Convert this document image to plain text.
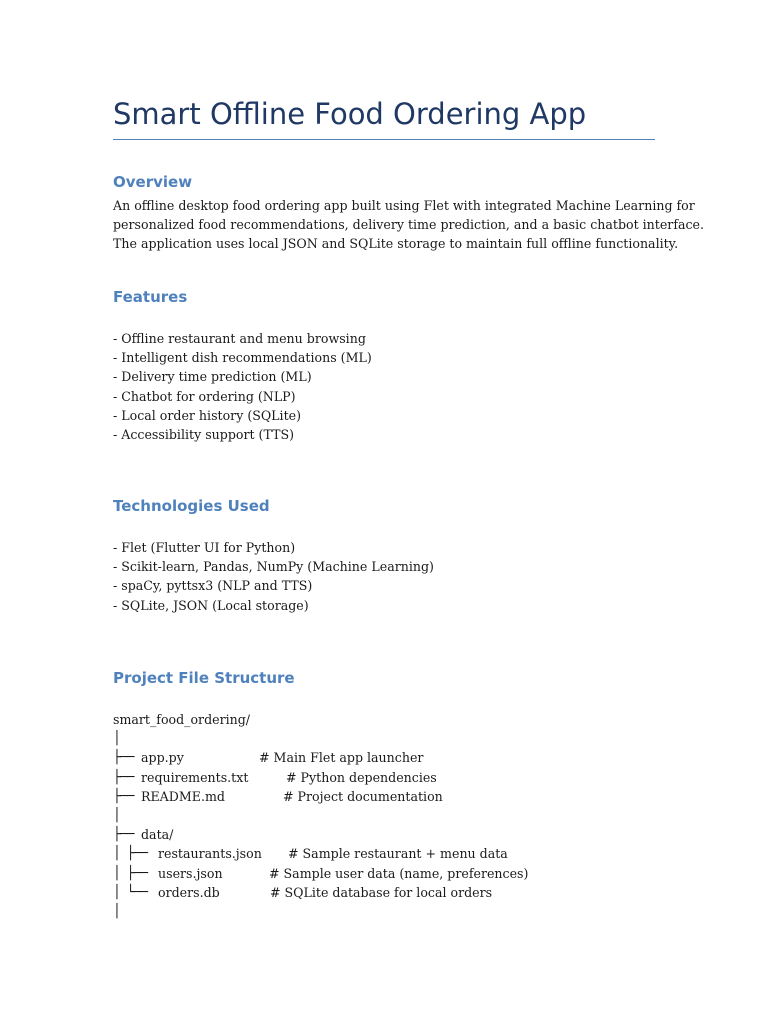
Smart Offline Food Ordering App
Overview

An offline desktop food ordering app built using Flet with integrated Machine Learning for
personalized food recommendations, delivery time prediction, and a basic chatbot interface.
The application uses local JSON and SQLite storage to maintain full offline functionality.

Features
- Offline restaurant and menu browsing
- Intelligent dish recommendations (ML)
- Delivery time prediction (ML)
- Chatbot for ordering (NLP)
- Local order history (SQLite)
- Accessibility support (TTS)
Technologies Used
- Flet (Flutter UI for Python)
- Scikit-learn, Pandas, NumPy (Machine Learning)
- spaCy, pyttsx3 (NLP and TTS)
- SQLite, JSON (Local storage)
Project File Structure
smart_food_ordering/
│
├── app.py	# Main Flet app launcher
├── requirements.txt	# Python dependencies
├── README.md	# Project documentation
│
├── data/
│ ├── restaurants.json # Sample restaurant + menu data
│ ├── users.json	# Sample user data (name, preferences)
│ └── orders.db	# SQLite database for local orders
│
